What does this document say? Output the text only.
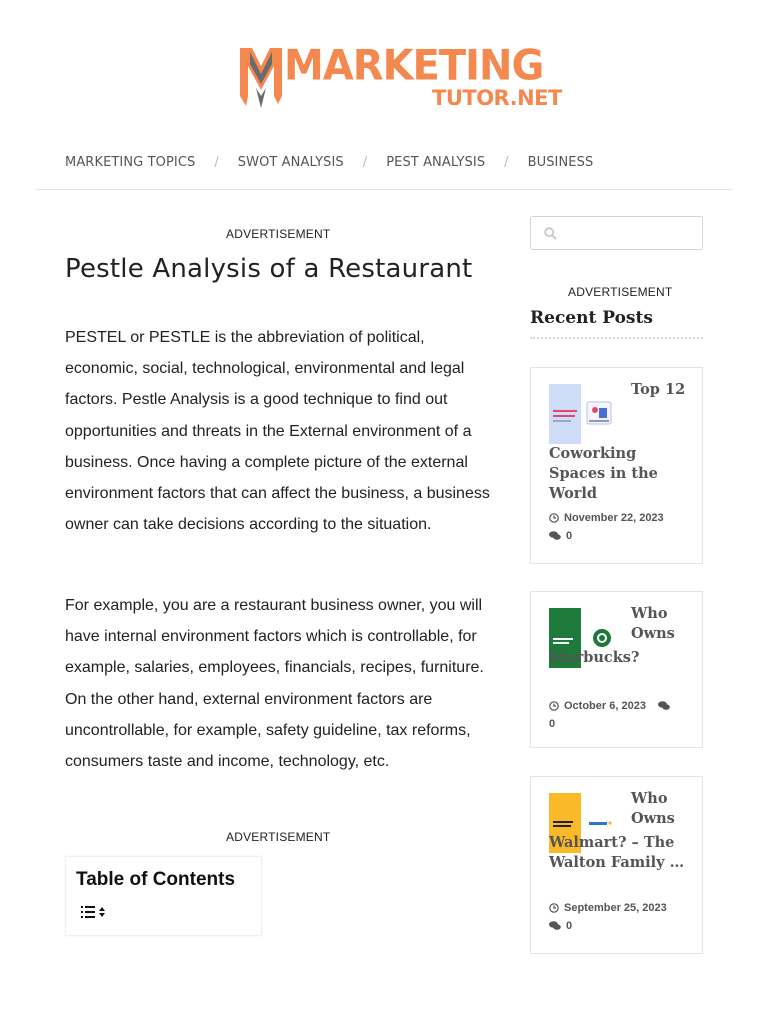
MARKETING
TUTOR.NET
MARKETING TOPICS / SWOT ANALYSIS / PEST ANALYSIS / BUSINESS
ADVERTISEMENT
Pestle Analysis of a Restaurant

PESTEL or PESTLE is the abbreviation of political, economic, social, technological, environmental and legal factors. Pestle Analysis is a good technique to find out opportunities and threats in the External environment of a business. Once having a complete picture of the external environment factors that can affect the business, a business owner can take decisions according to the situation.

For example, you are a restaurant business owner, you will have internal environment factors which is controllable, for example, salaries, employees, financials, recipes, furniture. On the other hand, external environment factors are uncontrollable, for example, safety guideline, tax reforms, consumers taste and income, technology, etc.

ADVERTISEMENT
Table of Contents
ADVERTISEMENT
Recent Posts
Top 12 Coworking Spaces in the World
November 22, 2023
0
Who Owns Starbucks?
October 6, 2023
0
Who Owns Walmart? – The Walton Family …
September 25, 2023
0
